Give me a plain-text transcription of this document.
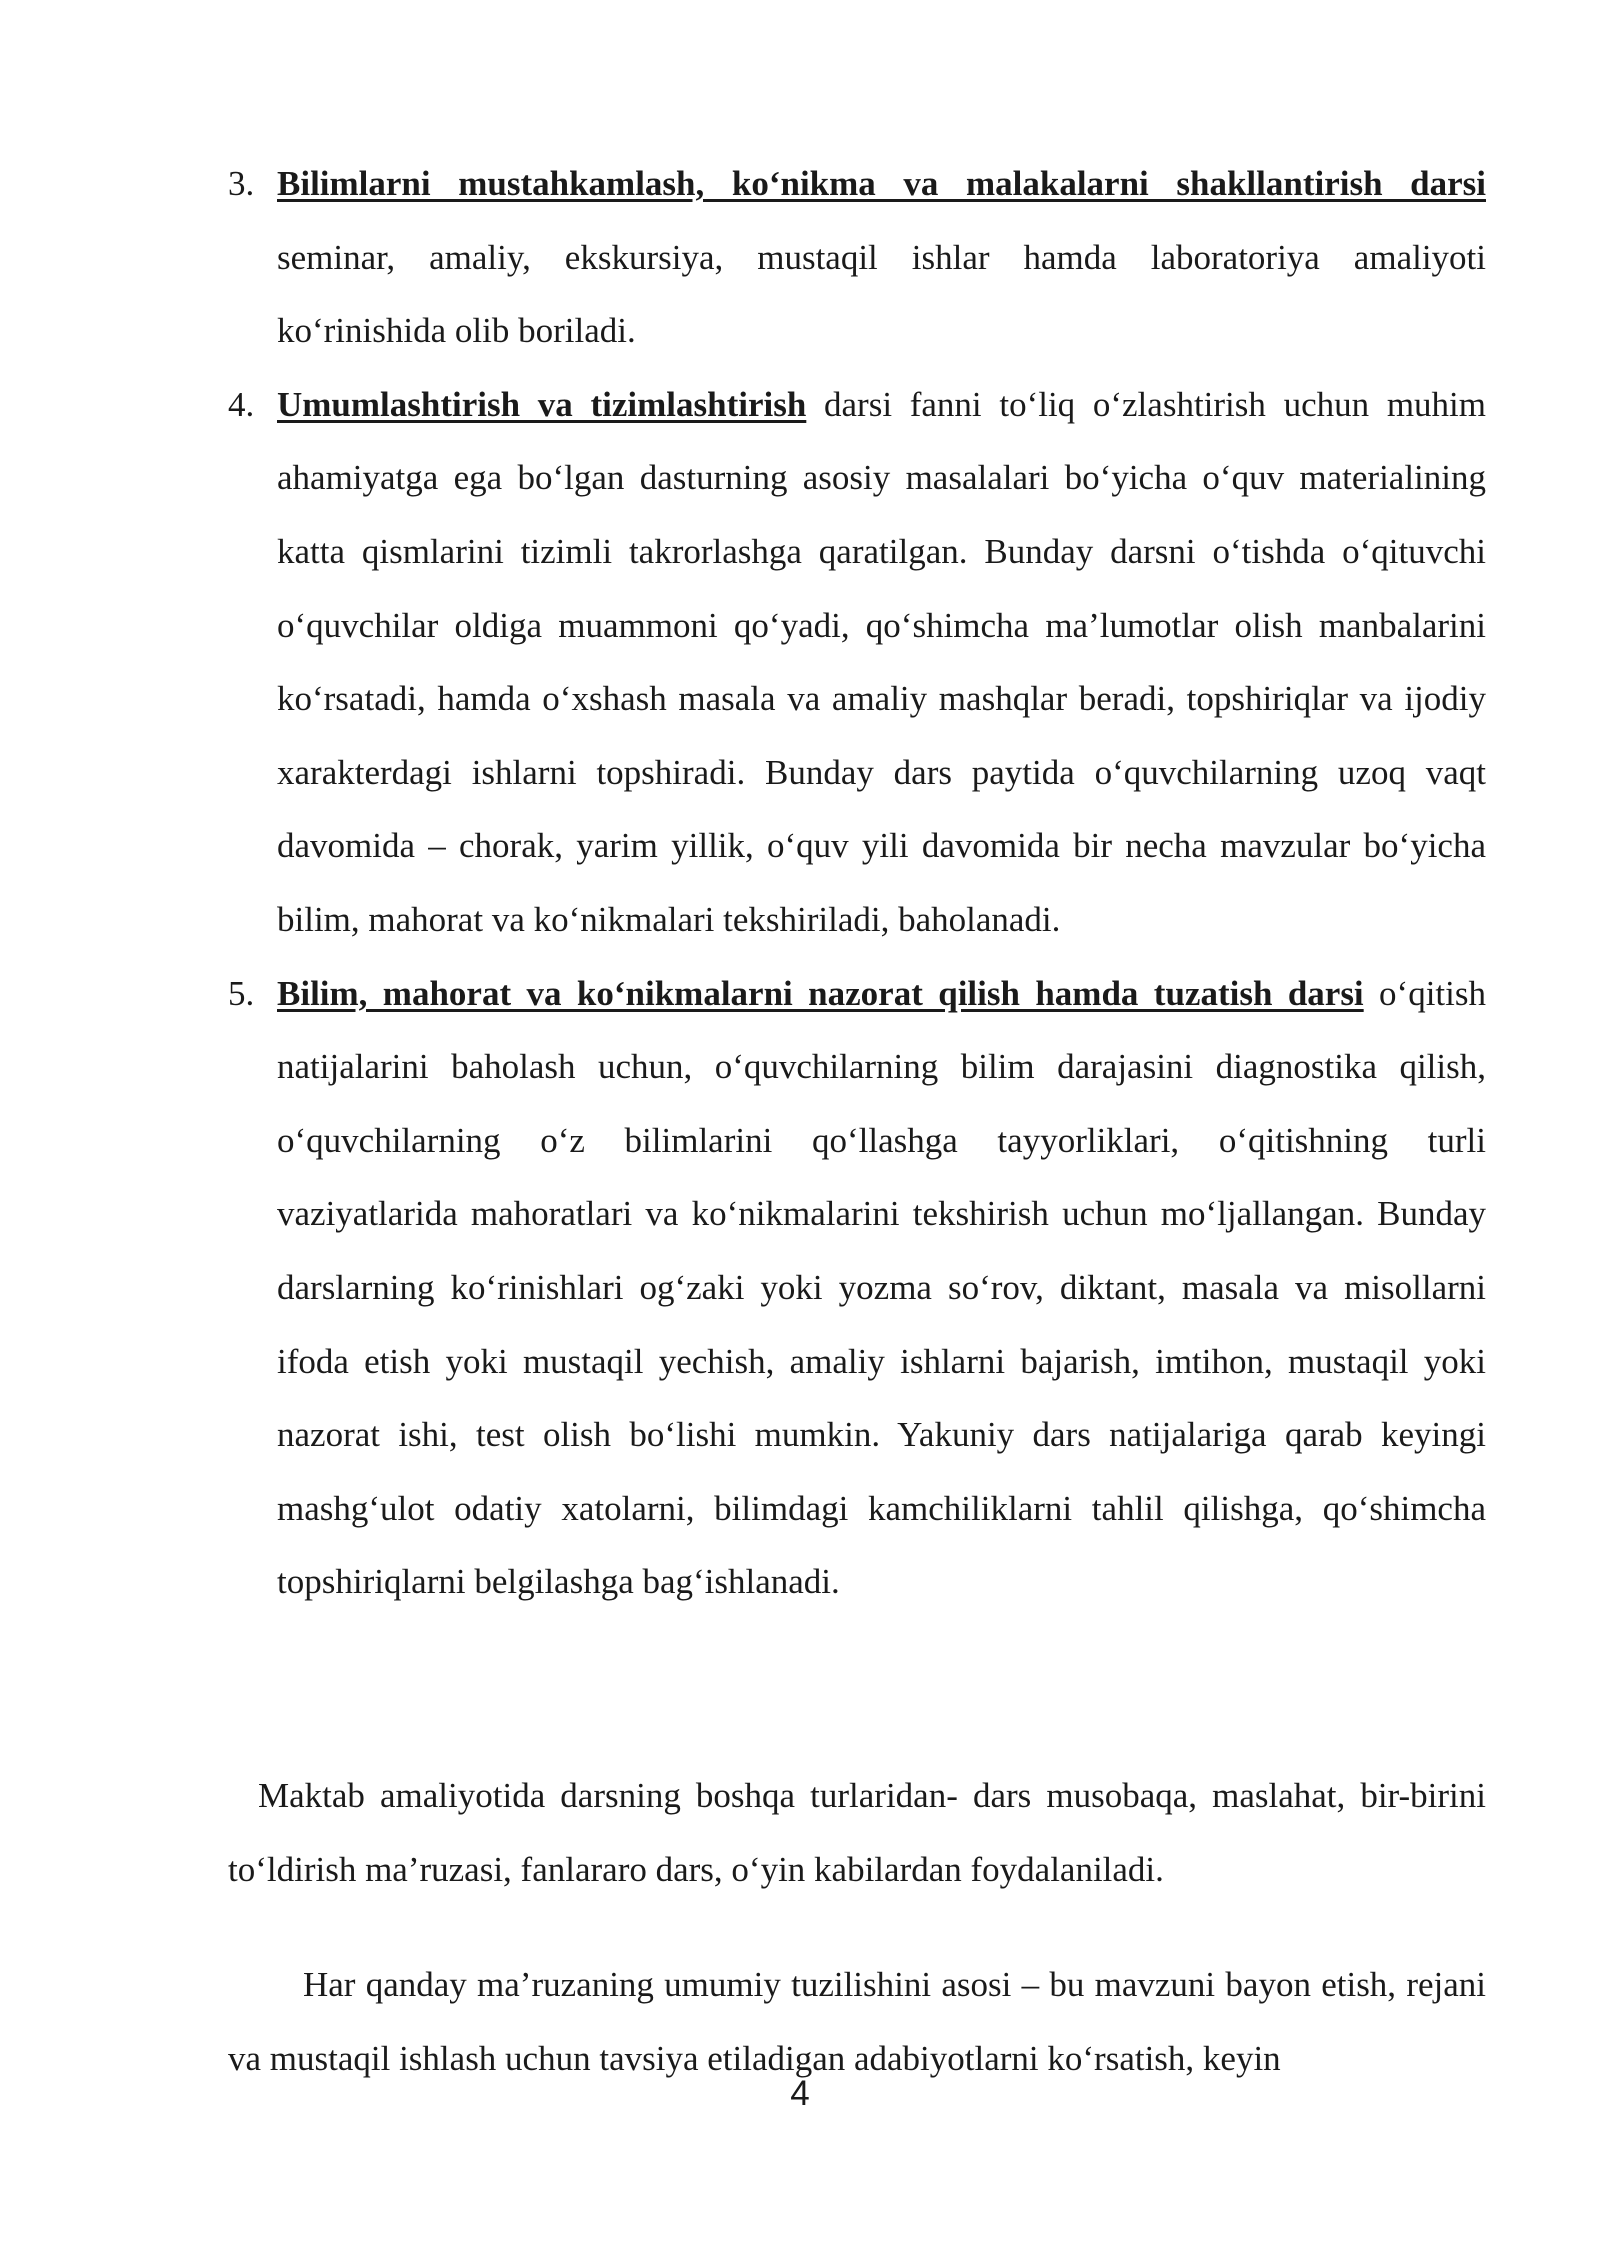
3. Bilimlarni mustahkamlash, ko‘nikma va malakalarni shakllantirish darsi seminar, amaliy, ekskursiya, mustaqil ishlar hamda laboratoriya amaliyoti ko‘rinishida olib boriladi.
4. Umumlashtirish va tizimlashtirish darsi fanni to‘liq o‘zlashtirish uchun muhim ahamiyatga ega bo‘lgan dasturning asosiy masalalari bo‘yicha o‘quv materialining katta qismlarini tizimli takrorlashga qaratilgan. Bunday darsni o‘tishda o‘qituvchi o‘quvchilar oldiga muammoni qo‘yadi, qo‘shimcha ma’lumotlar olish manbalarini ko‘rsatadi, hamda o‘xshash masala va amaliy mashqlar beradi, topshiriqlar va ijodiy xarakterdagi ishlarni topshiradi. Bunday dars paytida o‘quvchilarning uzoq vaqt davomida – chorak, yarim yillik, o‘quv yili davomida bir necha mavzular bo‘yicha bilim, mahorat va ko‘nikmalari tekshiriladi, baholanadi.
5. Bilim, mahorat va ko‘nikmalarni nazorat qilish hamda tuzatish darsi o‘qitish natijalarini baholash uchun, o‘quvchilarning bilim darajasini diagnostika qilish, o‘quvchilarning o‘z bilimlarini qo‘llashga tayyorliklari, o‘qitishning turli vaziyatlarida mahoratlari va ko‘nikmalarini tekshirish uchun mo‘ljallangan. Bunday darslarning ko‘rinishlari og‘zaki yoki yozma so‘rov, diktant, masala va misollarni ifoda etish yoki mustaqil yechish, amaliy ishlarni bajarish, imtihon, mustaqil yoki nazorat ishi, test olish bo‘lishi mumkin. Yakuniy dars natijalariga qarab keyingi mashg‘ulot odatiy xatolarni, bilimdagi kamchiliklarni tahlil qilishga, qo‘shimcha topshiriqlarni belgilashga bag‘ishlanadi.

Maktab amaliyotida darsning boshqa turlaridan- dars musobaqa, maslahat, bir-birini to‘ldirish ma’ruzasi, fanlararo dars, o‘yin kabilardan foydalaniladi.

Har qanday ma’ruzaning umumiy tuzilishini asosi – bu mavzuni bayon etish, rejani va mustaqil ishlash uchun tavsiya etiladigan adabiyotlarni ko‘rsatish, keyin

4
